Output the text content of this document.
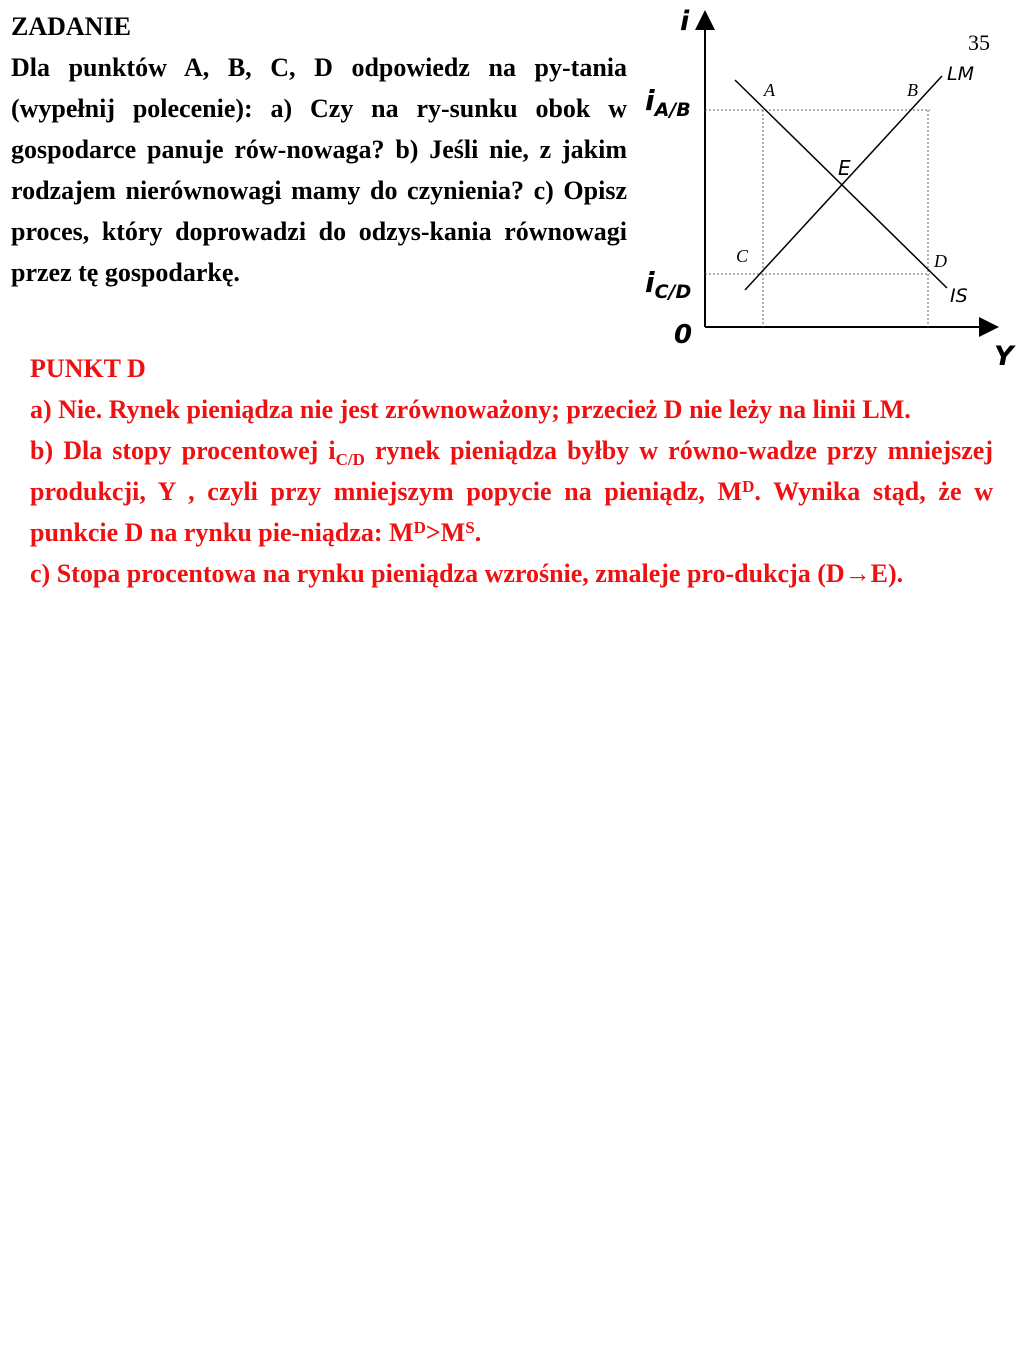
ZADANIE
Dla punktów A, B, C, D odpowiedz na py-tania (wypełnij polecenie): a) Czy na ry-sunku obok w gospodarce panuje rów-nowaga? b) Jeśli nie, z jakim rodzajem nierównowagi mamy do czynienia? c) Opisz proces, który doprowadzi do odzys-kania równowagi przez tę gospodarkę.
35
i
Y
0
iA/B
iC/D
LM
IS
A	B
C	D
E
PUNKT D

a) Nie. Rynek pieniądza nie jest zrównoważony; przecież D nie leży na linii LM.

b) Dla stopy procentowej $i_{C/D}$ rynek pieniądza byłby w równo-wadze przy mniejszej produkcji, Y , czyli przy mniejszym popycie na pieniądz, $M^D$. Wynika stąd, że w punkcie D na rynku pie-niądza: $M^D>M^S$.

c) Stopa procentowa na rynku pieniądza wzrośnie, zmaleje pro-dukcja (D→E).
